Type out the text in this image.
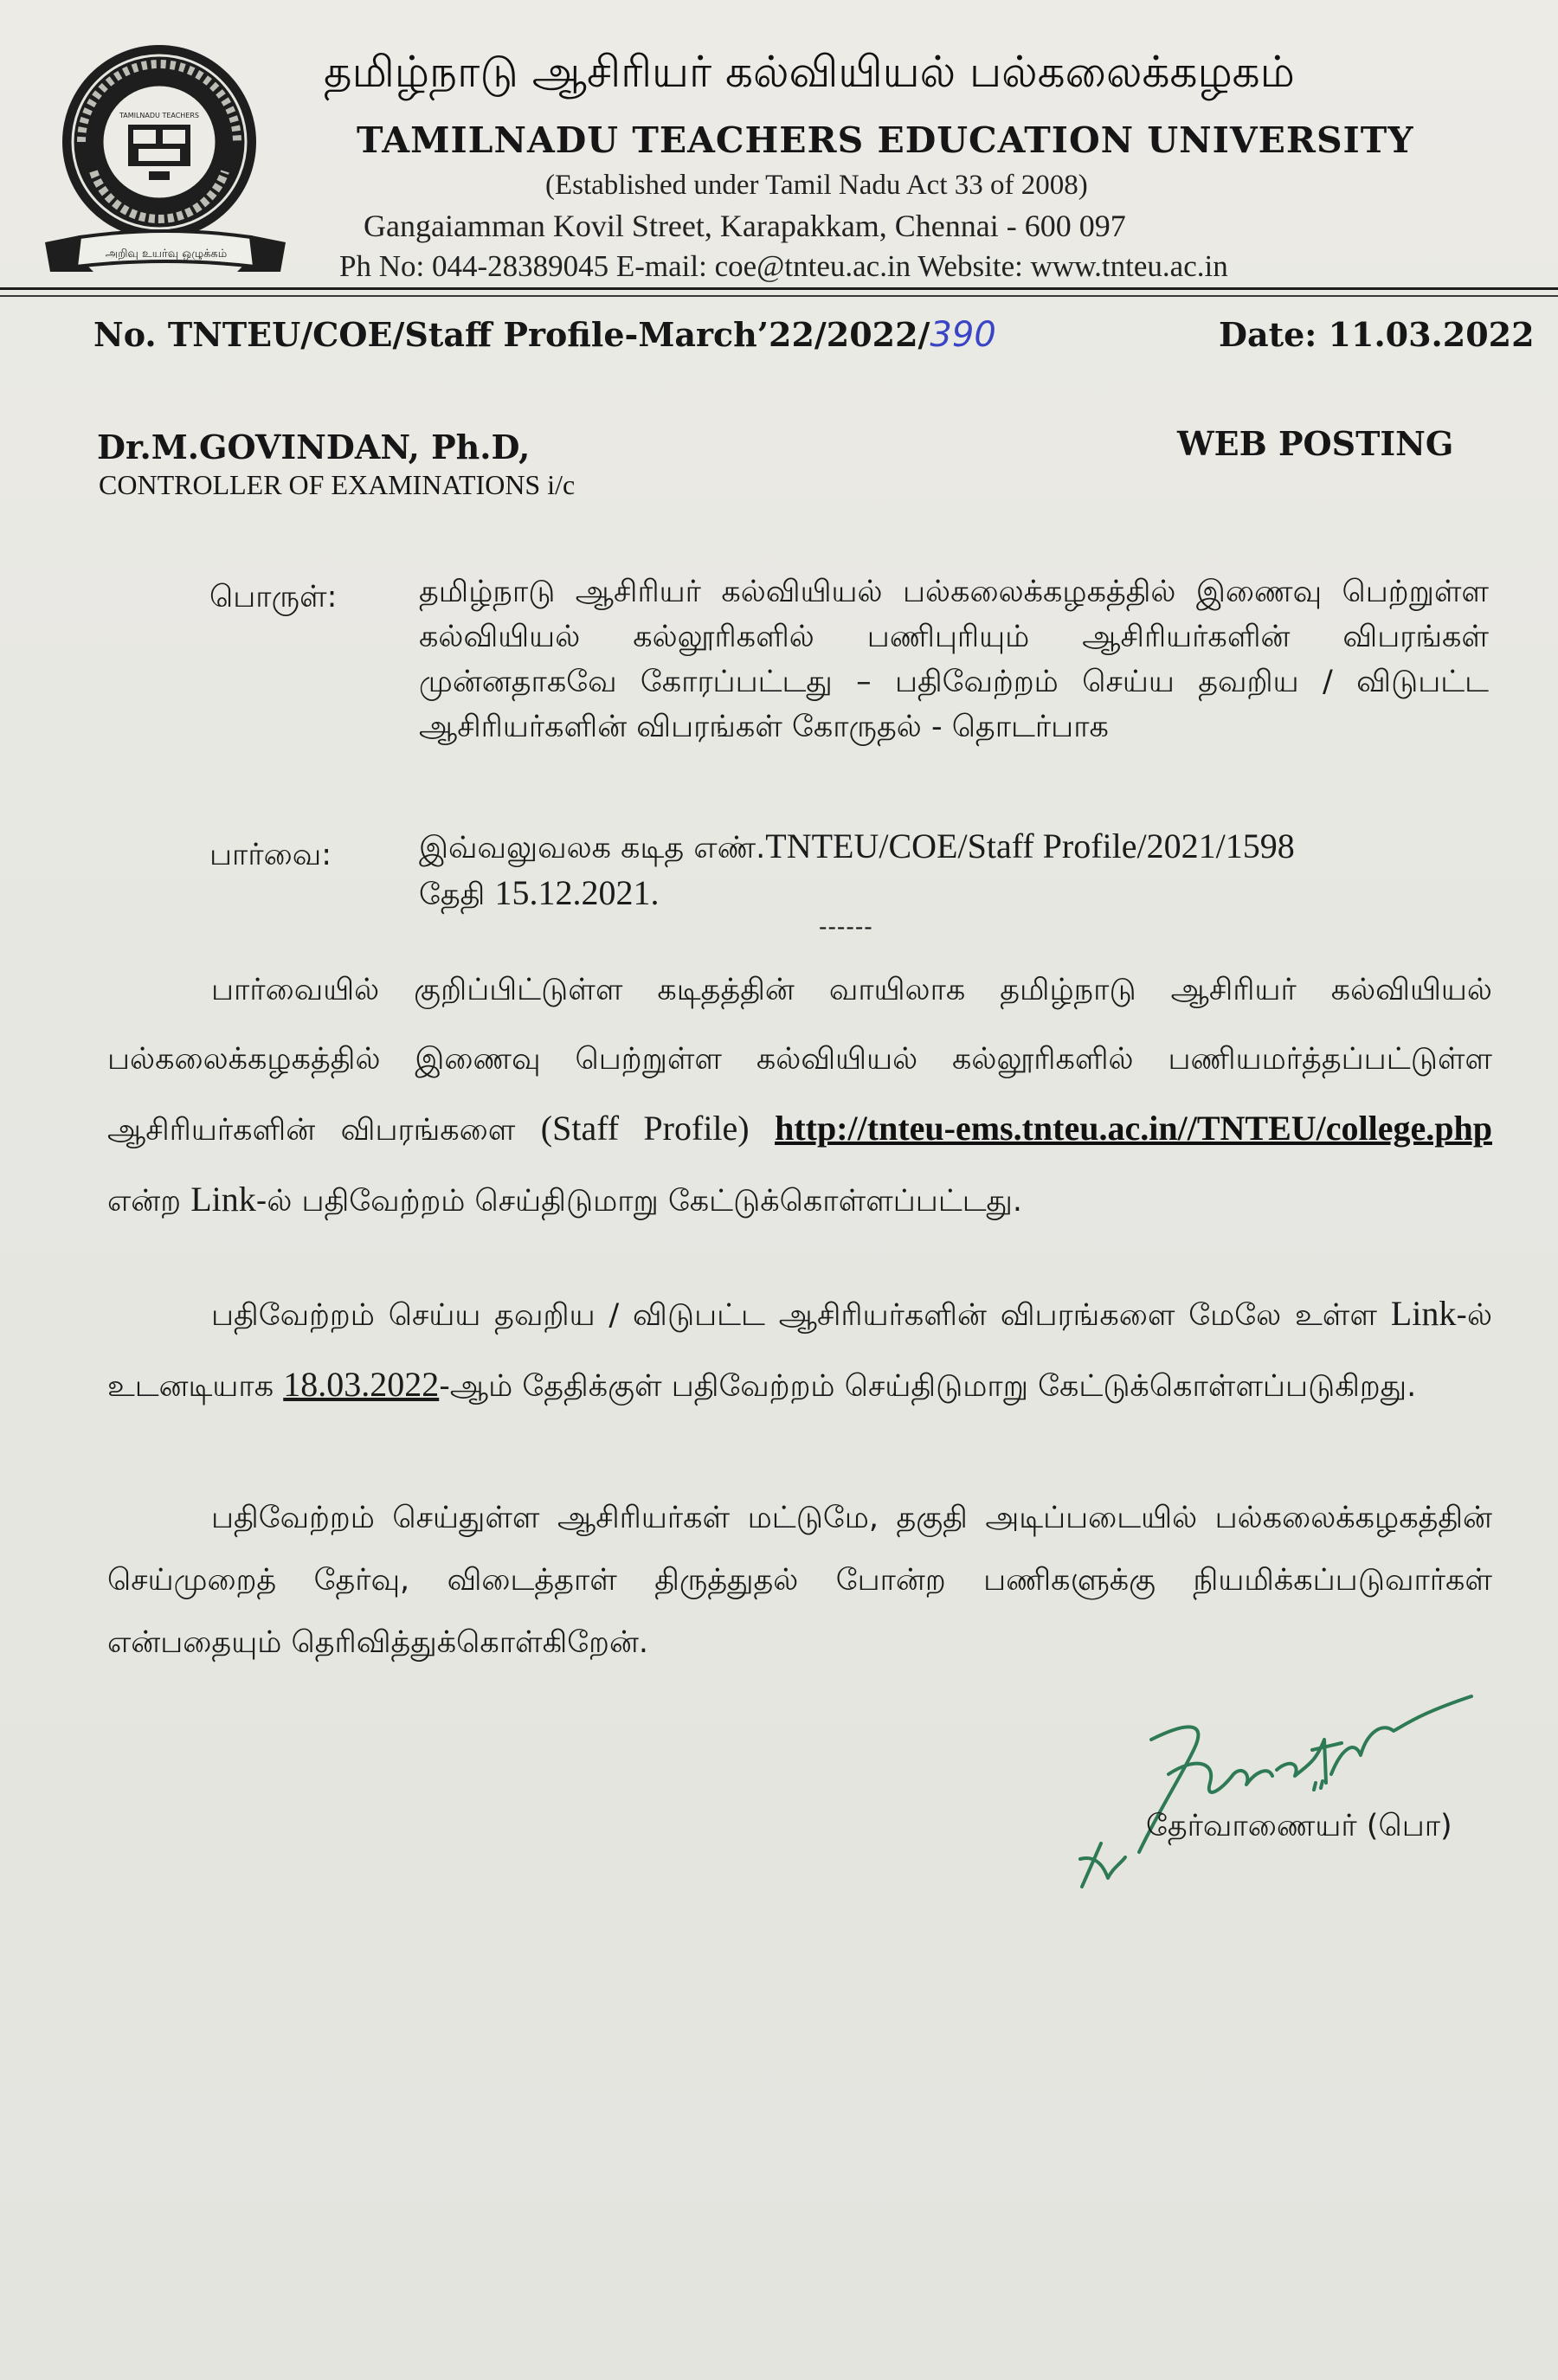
TAMILNADU TEACHERS
அறிவு உயர்வு ஒழுக்கம்
தமிழ்நாடு ஆசிரியர் கல்வியியல் பல்கலைக்கழகம்
TAMILNADU TEACHERS EDUCATION UNIVERSITY
(Established under Tamil Nadu Act 33 of 2008)
Gangaiamman Kovil Street, Karapakkam, Chennai - 600 097
Ph No: 044-28389045 E-mail: coe@tnteu.ac.in Website: www.tnteu.ac.in
No. TNTEU/COE/Staff Profile-March’22/2022/390	Date: 11.03.2022
Dr.M.GOVINDAN, Ph.D,
CONTROLLER OF EXAMINATIONS i/c
WEB POSTING
பொருள்:	தமிழ்நாடு ஆசிரியர் கல்வியியல் பல்கலைக்கழகத்தில் இணைவு பெற்றுள்ள கல்வியியல் கல்லூரிகளில் பணிபுரியும் ஆசிரியர்களின் விபரங்கள் முன்னதாகவே கோரப்பட்டது – பதிவேற்றம் செய்ய தவறிய / விடுபட்ட ஆசிரியர்களின் விபரங்கள் கோருதல் - தொடர்பாக
பார்வை:	இவ்வலுவலக கடித எண்.TNTEU/COE/Staff Profile/2021/1598
தேதி 15.12.2021.
------
பார்வையில் குறிப்பிட்டுள்ள கடிதத்தின் வாயிலாக தமிழ்நாடு ஆசிரியர் கல்வியியல் பல்கலைக்கழகத்தில் இணைவு பெற்றுள்ள கல்வியியல் கல்லூரிகளில் பணியமர்த்தப்பட்டுள்ள ஆசிரியர்களின் விபரங்களை (Staff Profile) http://tnteu-ems.tnteu.ac.in//TNTEU/college.php என்ற Link-ல் பதிவேற்றம் செய்திடுமாறு கேட்டுக்கொள்ளப்பட்டது.
பதிவேற்றம் செய்ய தவறிய / விடுபட்ட ஆசிரியர்களின் விபரங்களை மேலே உள்ள Link-ல் உடனடியாக 18.03.2022-ஆம் தேதிக்குள் பதிவேற்றம் செய்திடுமாறு கேட்டுக்கொள்ளப்படுகிறது.
பதிவேற்றம் செய்துள்ள ஆசிரியர்கள் மட்டுமே, தகுதி அடிப்படையில் பல்கலைக்கழகத்தின் செய்முறைத் தேர்வு, விடைத்தாள் திருத்துதல் போன்ற பணிகளுக்கு நியமிக்கப்படுவார்கள் என்பதையும் தெரிவித்துக்கொள்கிறேன்.
தேர்வாணையர் (பொ)
